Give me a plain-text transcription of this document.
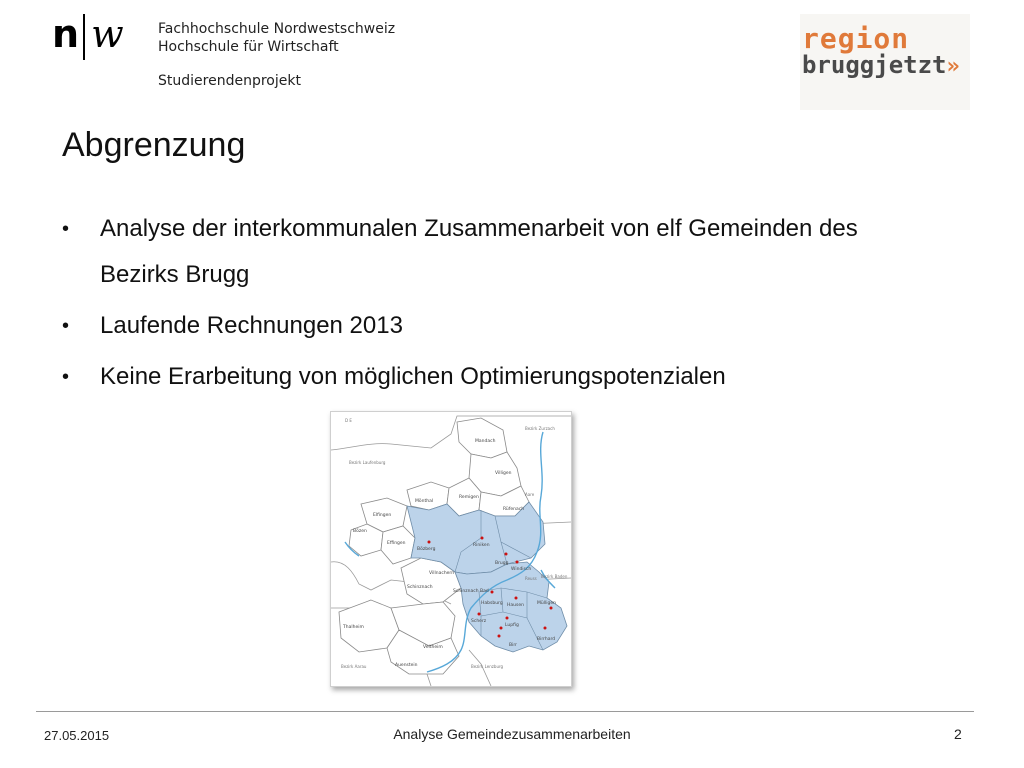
n w Fachhochschule Nordwestschweiz
Hochschule für Wirtschaft
Studierendenprojekt
region
bruggjetzt»
Abgrenzung
• Analyse der interkommunalen Zusammenarbeit von elf Gemeinden des Bezirks Brugg
• Laufende Rechnungen 2013
• Keine Erarbeitung von möglichen Optimierungspotenzialen
D E
Bezirk Zurzach
Bezirk Laufenburg
Bezirk Baden
Bezirk Aarau	Bezirk Lenzburg
Mandach
Villigen
Mönthal
Remigen
Rüfenach
Elfingen
Bözen
Effingen
Bözberg
Riniken
Brugg
Windisch
Villnachern
Schinznach
Schinznach Bad
Habsburg Hausen	Mülligen
Scherz
Lupfig
Birrhard
Birr
Thalheim
Veltheim
Auenstein
Aare
Reuss
27.05.2015	Analyse Gemeindezusammenarbeiten	2
